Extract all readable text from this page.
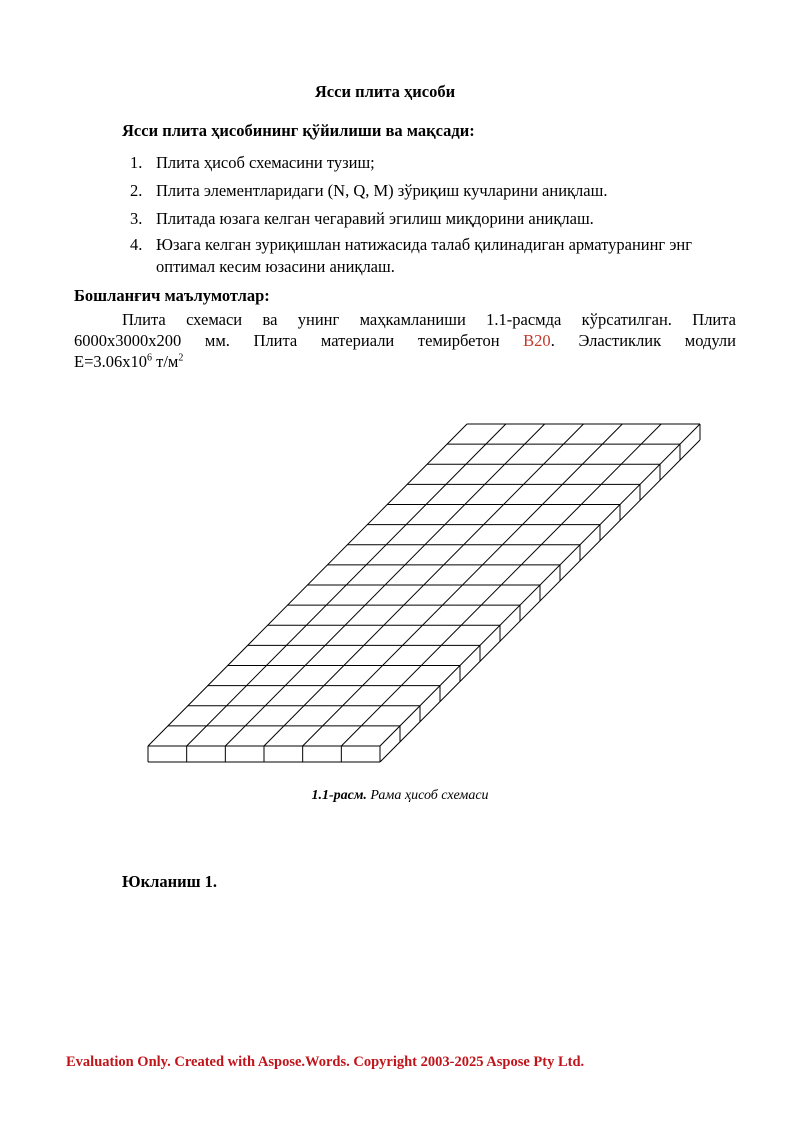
Ясси плита ҳисоби
Ясси плита ҳисобининг қўйилиши ва мақсади:
1. Плита ҳисоб схемасини тузиш;
2. Плита элементларидаги (N, Q, M) зўриқиш кучларини аниқлаш.
3. Плитада юзага келган чегаравий эгилиш миқдорини аниқлаш.
4. Юзага келган зуриқишлан натижасида талаб қилинадиган арматуранинг энг оптимал кесим юзасини аниқлаш.
Бошланғич маълумотлар:
Плита схемаси ва унинг маҳкамланиши 1.1-расмда кўрсатилган. Плита
6000х3000х200 мм. Плита материали темирбетон В20. Эластиклик модули
$Е=3.06х10^6$ $т/м^2$
1.1-расм. Рама ҳисоб схемаси
Юкланиш 1.
Evaluation Only. Created with Aspose.Words. Copyright 2003-2025 Aspose Pty Ltd.
